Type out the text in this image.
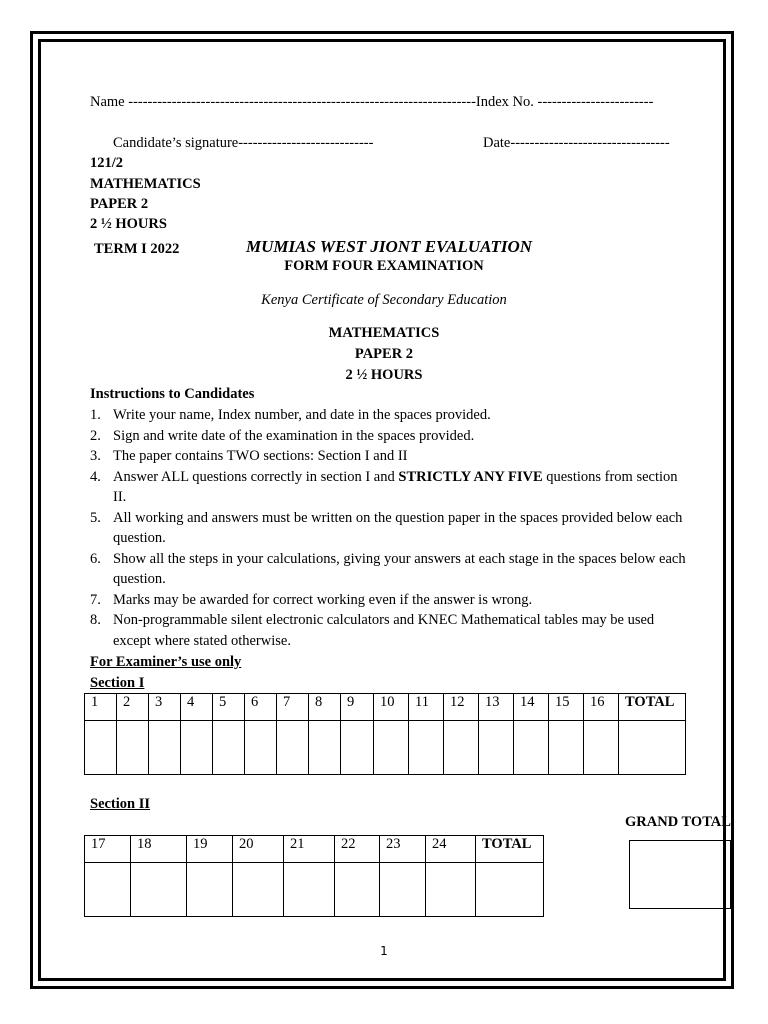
Name ------------------------------------------------------------------------Index No. ------------------------
Candidate’s signature----------------------------	Date---------------------------------
121/2
MATHEMATICS
PAPER 2
2 ½ HOURS
TERM I 2022	MUMIAS WEST JIONT EVALUATION
FORM FOUR EXAMINATION
Kenya Certificate of Secondary Education
MATHEMATICS
PAPER 2
2 ½ HOURS
Instructions to Candidates
1. Write your name, Index number, and date in the spaces provided.
2. Sign and write date of the examination in the spaces provided.
3. The paper contains TWO sections: Section I and II
4. Answer ALL questions correctly in section I and STRICTLY ANY FIVE questions from section II.
5. All working and answers must be written on the question paper in the spaces provided below each question.
6. Show all the steps in your calculations, giving your answers at each stage in the spaces below each question.
7. Marks may be awarded for correct working even if the answer is wrong.
8. Non-programmable silent electronic calculators and KNEC Mathematical tables may be used except where stated otherwise.
For Examiner’s use only
Section I
1	2	3	4	5	6	7	8	9	10	11	12	13	14	15	16	TOTAL

Section II
GRAND TOTAL
17	18	19	20	21	22	23	24	TOTAL

1
